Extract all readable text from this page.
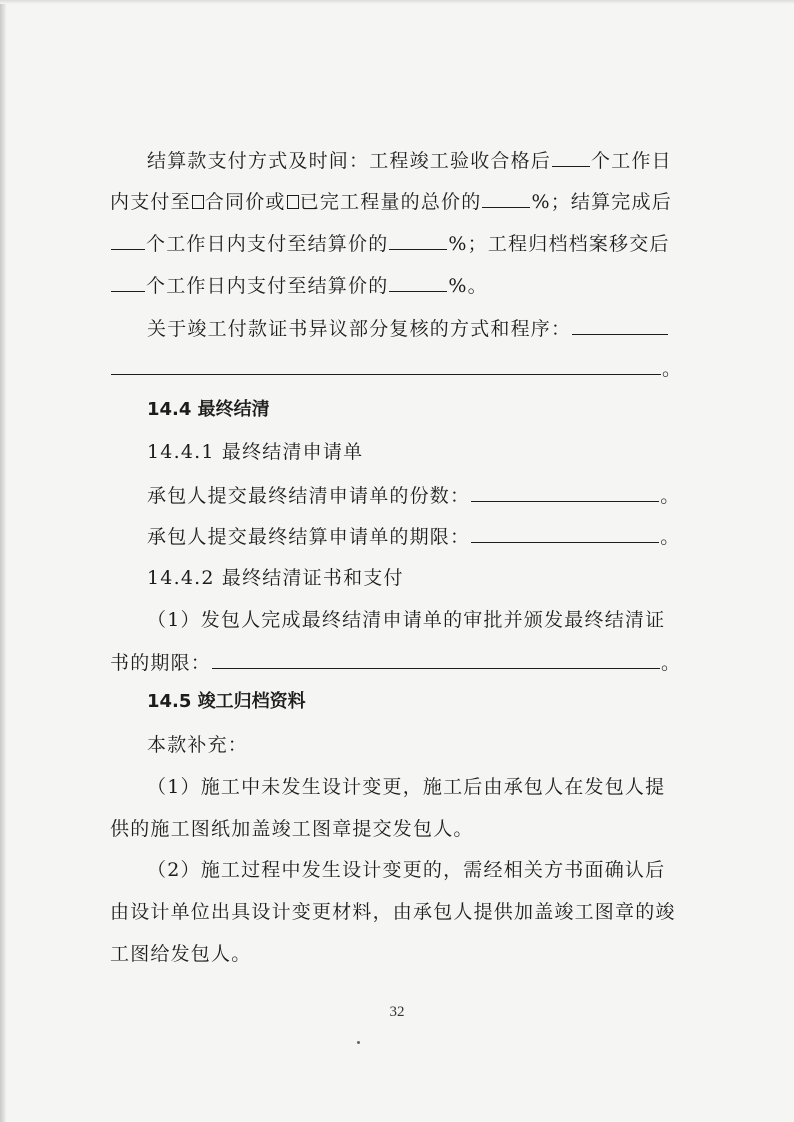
结算款支付方式及时间：工程竣工验收合格后 个工作日
内支付至 合同价或 已完工程量的总价的	%；结算完成后
个工作日内支付至结算价的	%；工程归档档案移交后
个工作日内支付至结算价的	%。
关于竣工付款证书异议部分复核的方式和程序：
。
14.4 最终结清
14.4.1 最终结清申请单
承包人提交最终结清申请单的份数：	。
承包人提交最终结算申请单的期限：	。
14.4.2 最终结清证书和支付
（1）发包人完成最终结清申请单的审批并颁发最终结清证
书的期限：	。
14.5 竣工归档资料
本款补充：
（1）施工中未发生设计变更，施工后由承包人在发包人提
供的施工图纸加盖竣工图章提交发包人。
（2）施工过程中发生设计变更的，需经相关方书面确认后
由设计单位出具设计变更材料，由承包人提供加盖竣工图章的竣
工图给发包人。
32
